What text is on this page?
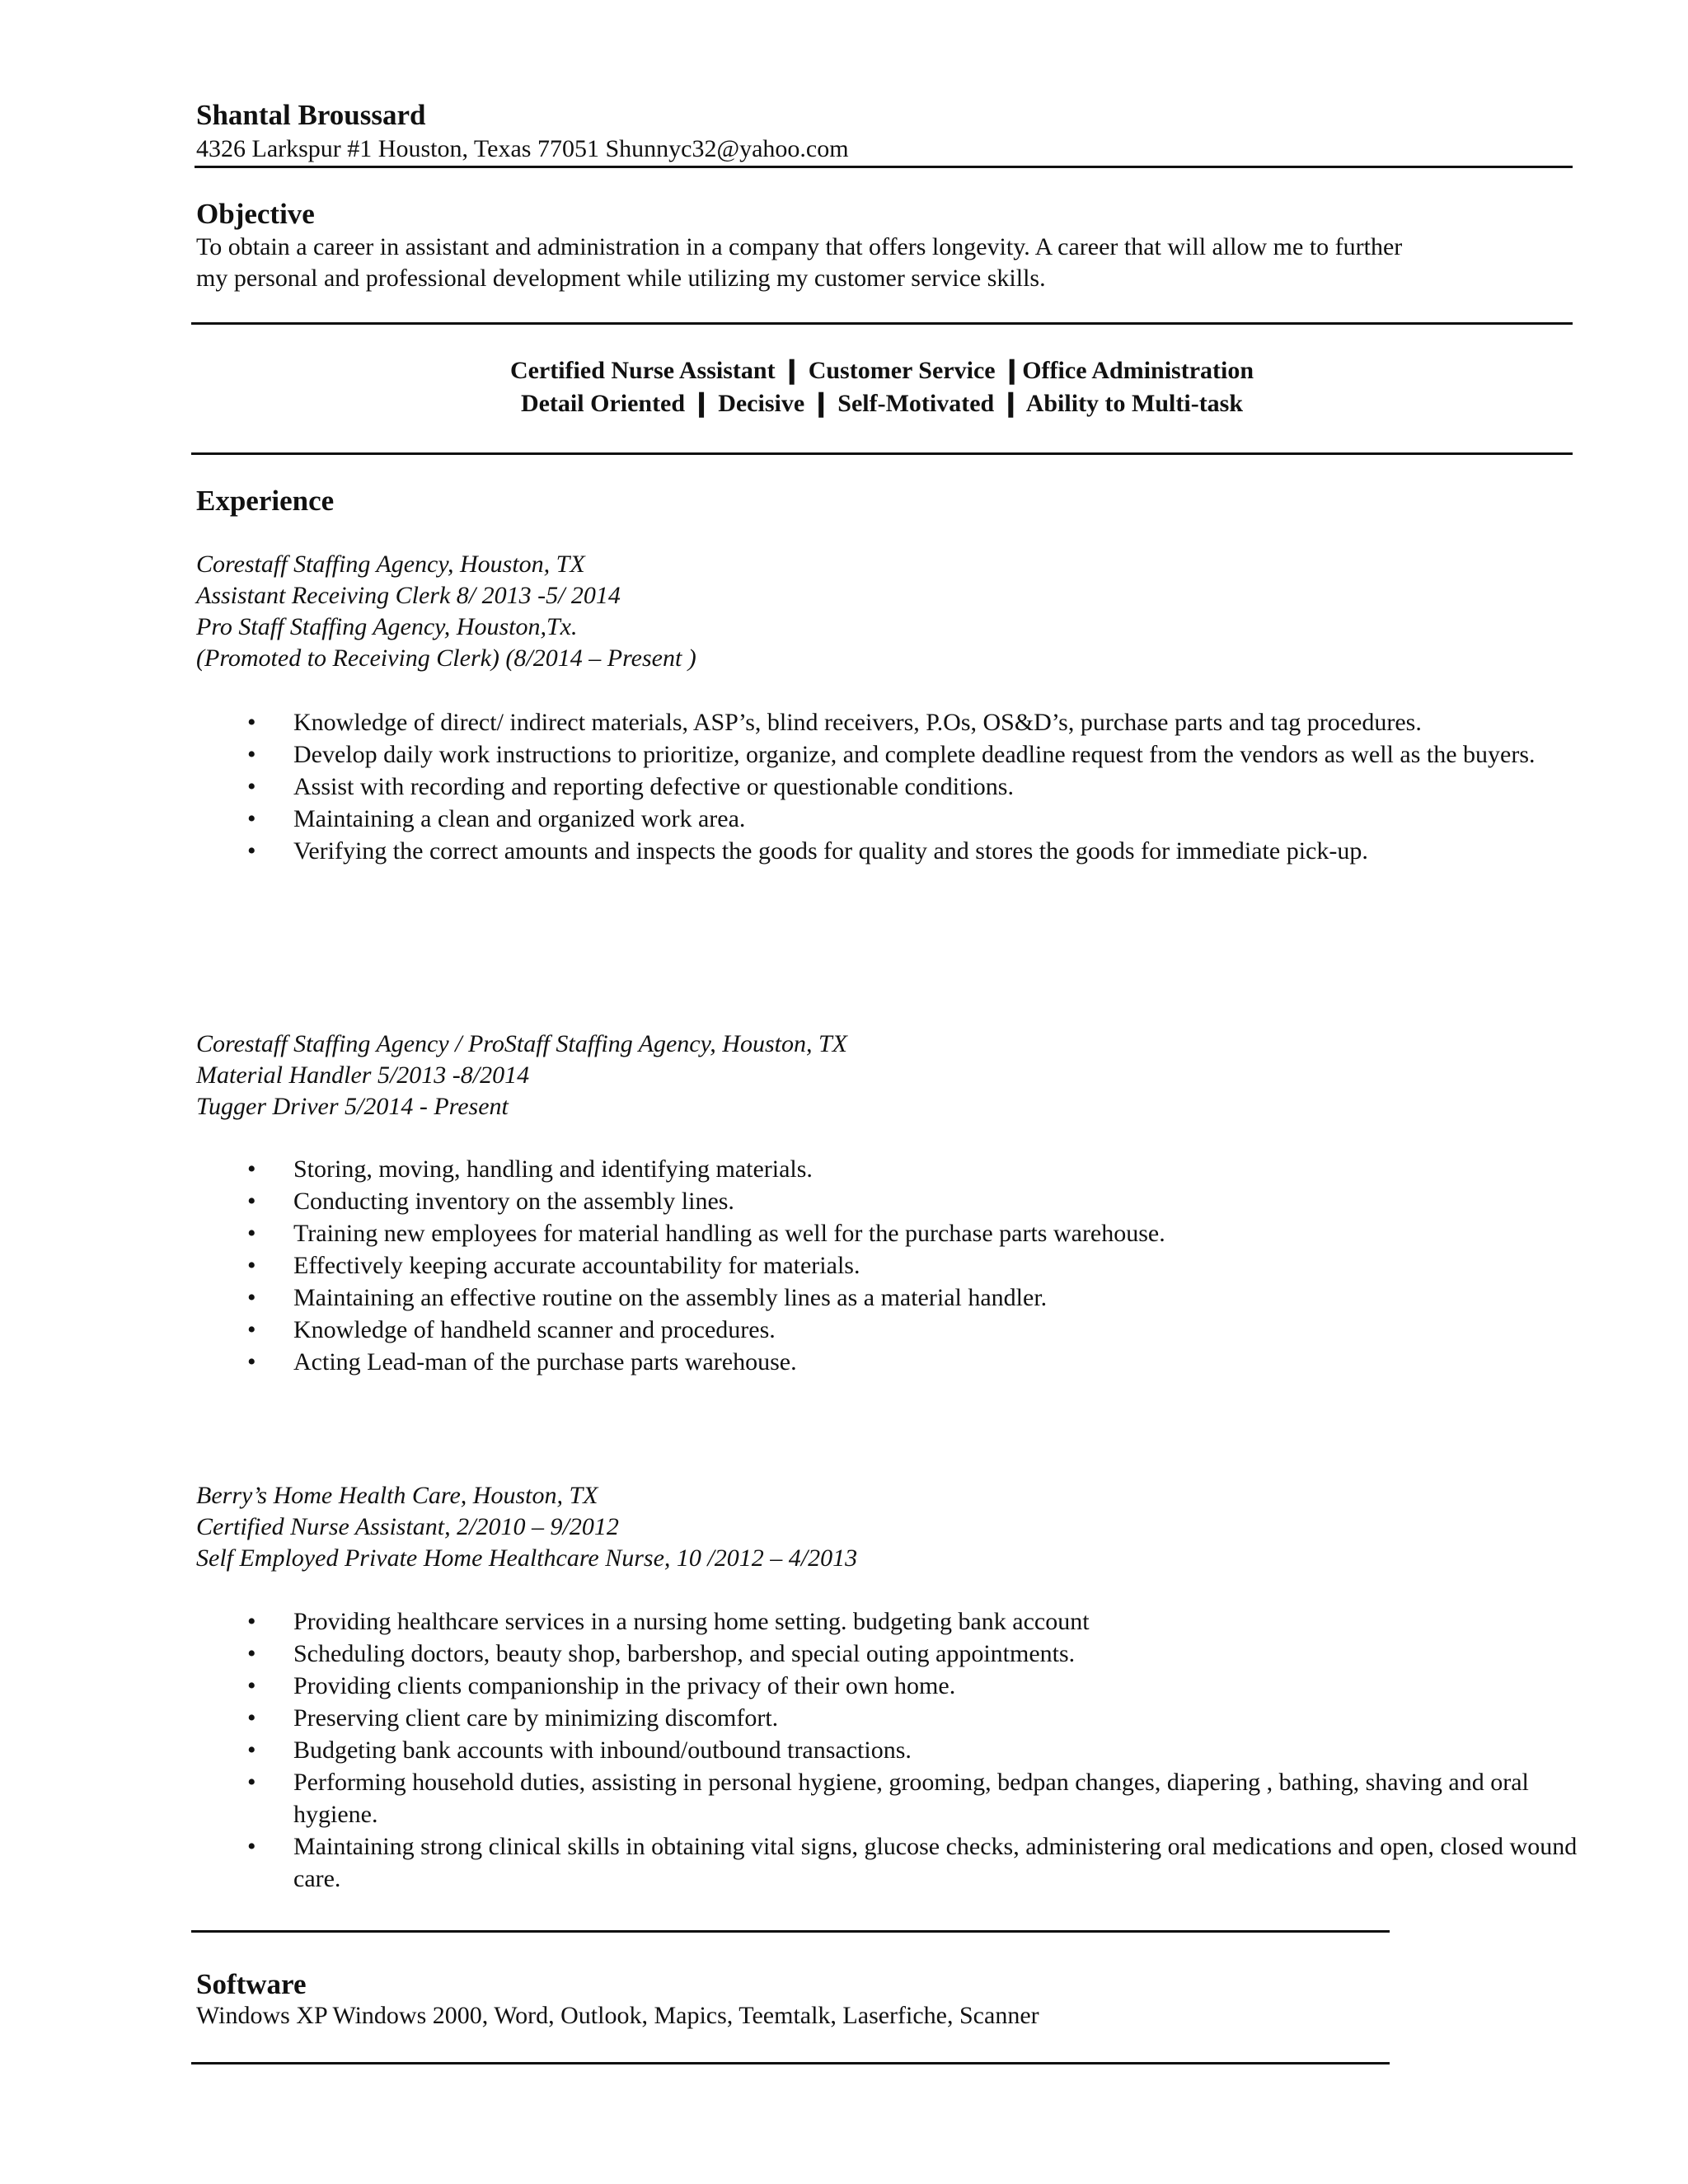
Shantal Broussard
4326 Larkspur #1 Houston, Texas 77051 Shunnyc32@yahoo.com
Objective
To obtain a career in assistant and administration in a company that offers longevity. A career that will allow me to further my personal and professional development while utilizing my customer service skills.
Certified Nurse Assistant ❙ Customer Service ❙Office Administration
Detail Oriented ❙ Decisive ❙ Self-Motivated ❙ Ability to Multi-task
Experience
Corestaff Staffing Agency, Houston, TX
Assistant Receiving Clerk 8/ 2013 -5/ 2014
Pro Staff Staffing Agency, Houston,Tx.
(Promoted to Receiving Clerk) (8/2014 – Present )
• Knowledge of direct/ indirect materials, ASP’s, blind receivers, P.Os, OS&D’s, purchase parts and tag procedures.
• Develop daily work instructions to prioritize, organize, and complete deadline request from the vendors as well as the buyers.
• Assist with recording and reporting defective or questionable conditions.
• Maintaining a clean and organized work area.
• Verifying the correct amounts and inspects the goods for quality and stores the goods for immediate pick-up.
Corestaff Staffing Agency / ProStaff Staffing Agency, Houston, TX
Material Handler 5/2013 -8/2014
Tugger Driver 5/2014 - Present
• Storing, moving, handling and identifying materials.
• Conducting inventory on the assembly lines.
• Training new employees for material handling as well for the purchase parts warehouse.
• Effectively keeping accurate accountability for materials.
• Maintaining an effective routine on the assembly lines as a material handler.
• Knowledge of handheld scanner and procedures.
• Acting Lead-man of the purchase parts warehouse.
Berry’s Home Health Care, Houston, TX
Certified Nurse Assistant, 2/2010 – 9/2012
Self Employed Private Home Healthcare Nurse, 10 /2012 – 4/2013
• Providing healthcare services in a nursing home setting. budgeting bank account
• Scheduling doctors, beauty shop, barbershop, and special outing appointments.
• Providing clients companionship in the privacy of their own home.
• Preserving client care by minimizing discomfort.
• Budgeting bank accounts with inbound/outbound transactions.
• Performing household duties, assisting in personal hygiene, grooming, bedpan changes, diapering , bathing, shaving and oral hygiene.
• Maintaining strong clinical skills in obtaining vital signs, glucose checks, administering oral medications and open, closed wound care.
Software
Windows XP Windows 2000, Word, Outlook, Mapics, Teemtalk, Laserfiche, Scanner
